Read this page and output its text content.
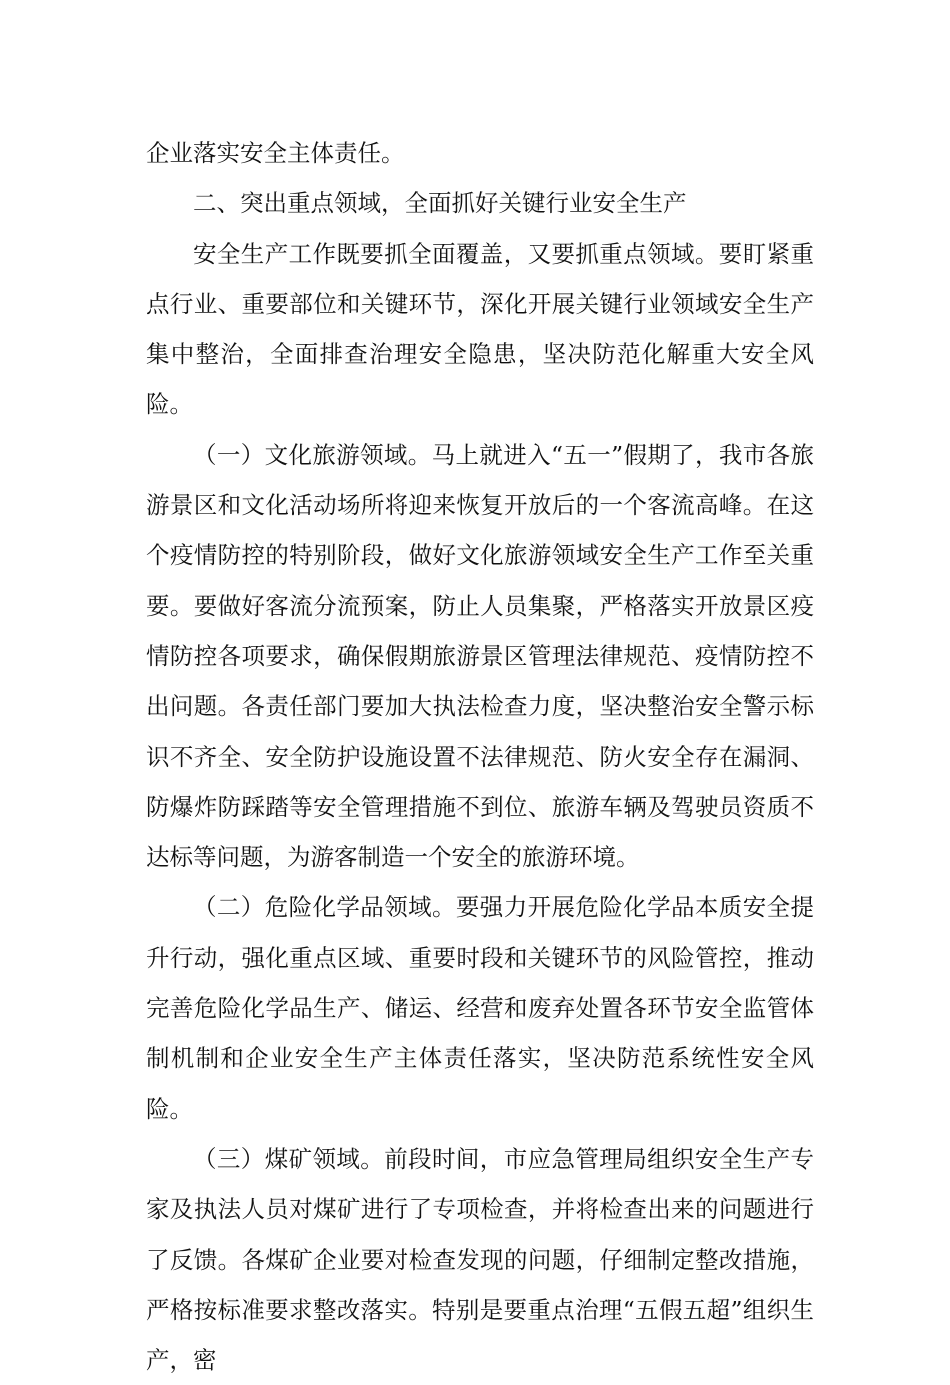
企业落实安全主体责任。

二、突出重点领域，全面抓好关键行业安全生产

安全生产工作既要抓全面覆盖，又要抓重点领域。要盯紧重点行业、重要部位和关键环节，深化开展关键行业领域安全生产集中整治，全面排查治理安全隐患，坚决防范化解重大安全风险。

（一）文化旅游领域。马上就进入“五一”假期了，我市各旅游景区和文化活动场所将迎来恢复开放后的一个客流高峰。在这个疫情防控的特别阶段，做好文化旅游领域安全生产工作至关重要。要做好客流分流预案，防止人员集聚，严格落实开放景区疫情防控各项要求，确保假期旅游景区管理法律规范、疫情防控不出问题。各责任部门要加大执法检查力度，坚决整治安全警示标识不齐全、安全防护设施设置不法律规范、防火安全存在漏洞、防爆炸防踩踏等安全管理措施不到位、旅游车辆及驾驶员资质不达标等问题，为游客制造一个安全的旅游环境。

（二）危险化学品领域。要强力开展危险化学品本质安全提升行动，强化重点区域、重要时段和关键环节的风险管控，推动完善危险化学品生产、储运、经营和废弃处置各环节安全监管体制机制和企业安全生产主体责任落实，坚决防范系统性安全风险。

（三）煤矿领域。前段时间，市应急管理局组织安全生产专家及执法人员对煤矿进行了专项检查，并将检查出来的问题进行了反馈。各煤矿企业要对检查发现的问题，仔细制定整改措施，严格按标准要求整改落实。特别是要重点治理“五假五超”组织生产，密
